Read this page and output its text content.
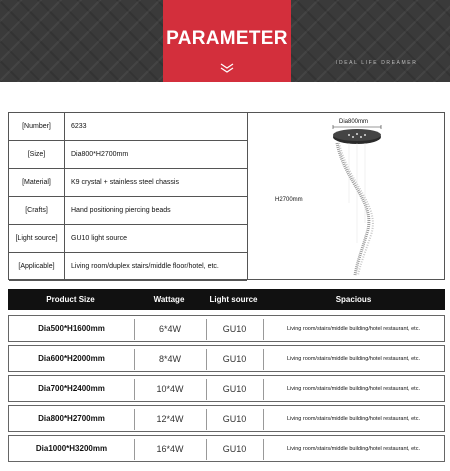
PARAMETER
IDEAL LIFE DREAMER
[Number]	6233
[Size]	Dia800*H2700mm
[Material]	K9 crystal + stainless steel chassis
[Crafts]	Hand positioning piercing beads
[Light source]	GU10 light source
[Applicable]	Living room/duplex stairs/middle floor/hotel, etc.
Dia800mm
H2700mm
Product Size	Wattage	Light source	Spacious
Dia500*H1600mm	6*4W	GU10	Living room/stairs/middle building/hotel restaurant, etc.
Dia600*H2000mm	8*4W	GU10	Living room/stairs/middle building/hotel restaurant, etc.
Dia700*H2400mm	10*4W	GU10	Living room/stairs/middle building/hotel restaurant, etc.
Dia800*H2700mm	12*4W	GU10	Living room/stairs/middle building/hotel restaurant, etc.
Dia1000*H3200mm	16*4W	GU10	Living room/stairs/middle building/hotel restaurant, etc.
